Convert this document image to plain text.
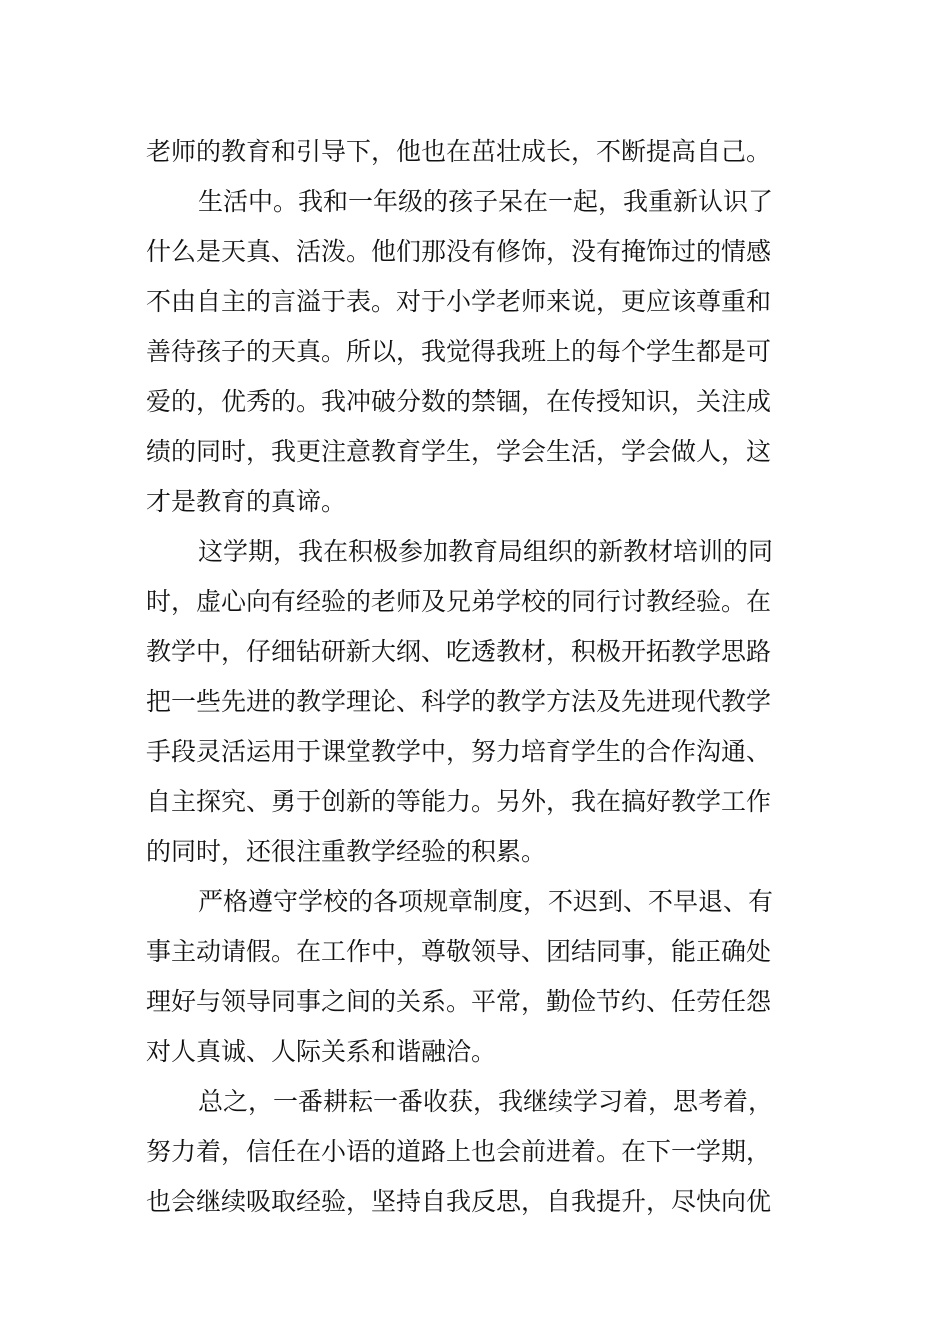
老师的教育和引导下，他也在茁壮成长，不断提高自己。
生活中。我和一年级的孩子呆在一起，我重新认识了
什么是天真、活泼。他们那没有修饰，没有掩饰过的情感
不由自主的言溢于表。对于小学老师来说，更应该尊重和
善待孩子的天真。所以，我觉得我班上的每个学生都是可
爱的，优秀的。我冲破分数的禁锢，在传授知识，关注成
绩的同时，我更注意教育学生，学会生活，学会做人，这
才是教育的真谛。
这学期，我在积极参加教育局组织的新教材培训的同
时，虚心向有经验的老师及兄弟学校的同行讨教经验。在
教学中，仔细钻研新大纲、吃透教材，积极开拓教学思路
把一些先进的教学理论、科学的教学方法及先进现代教学
手段灵活运用于课堂教学中，努力培育学生的合作沟通、
自主探究、勇于创新的等能力。另外，我在搞好教学工作
的同时，还很注重教学经验的积累。
严格遵守学校的各项规章制度，不迟到、不早退、有
事主动请假。在工作中，尊敬领导、团结同事，能正确处
理好与领导同事之间的关系。平常，勤俭节约、任劳任怨
对人真诚、人际关系和谐融洽。
总之，一番耕耘一番收获，我继续学习着，思考着，
努力着，信任在小语的道路上也会前进着。在下一学期，
也会继续吸取经验，坚持自我反思，自我提升，尽快向优
